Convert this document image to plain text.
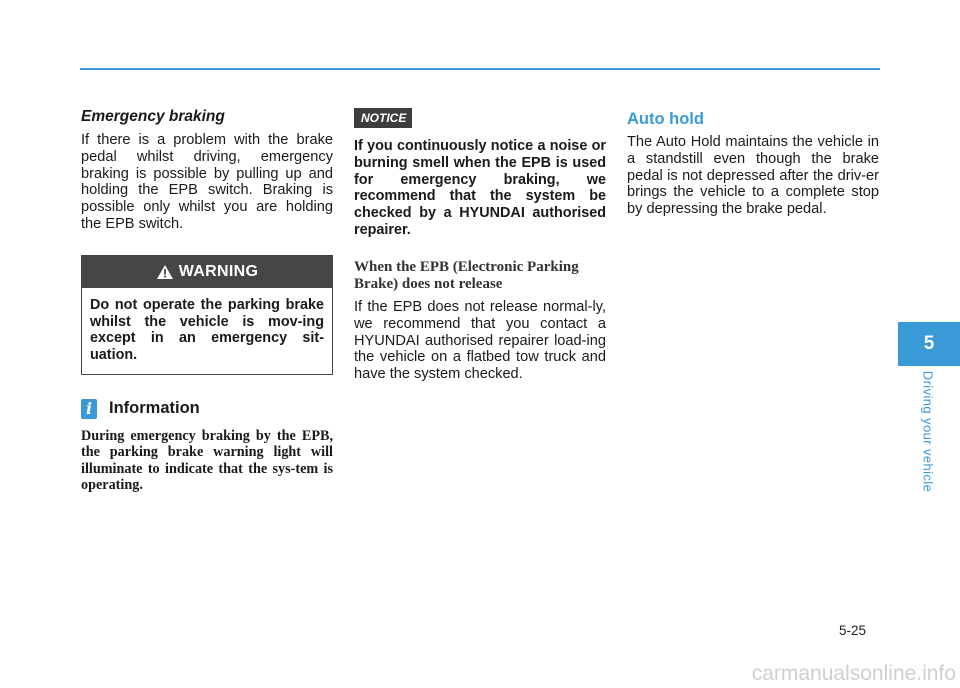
Emergency braking

If there is a problem with the brake pedal whilst driving, emergency braking is possible by pulling up and holding the EPB switch. Braking is possible only whilst you are holding the EPB switch.

WARNING
Do not operate the parking brake whilst the vehicle is mov-ing except in an emergency sit-uation.
i	Information
During emergency braking by the EPB, the parking brake warning light will illuminate to indicate that the sys-tem is operating.
NOTICE
If you continuously notice a noise or burning smell when the EPB is used for emergency braking, we recommend that the system be checked by a HYUNDAI authorised repairer.
When the EPB (Electronic Parking Brake) does not release

If the EPB does not release normal-ly, we recommend that you contact a HYUNDAI authorised repairer load-ing the vehicle on a flatbed tow truck and have the system checked.

Auto hold

The Auto Hold maintains the vehicle in a standstill even though the brake pedal is not depressed after the driv-er brings the vehicle to a complete stop by depressing the brake pedal.

5
Driving your vehicle
5-25
carmanualsonline.info
